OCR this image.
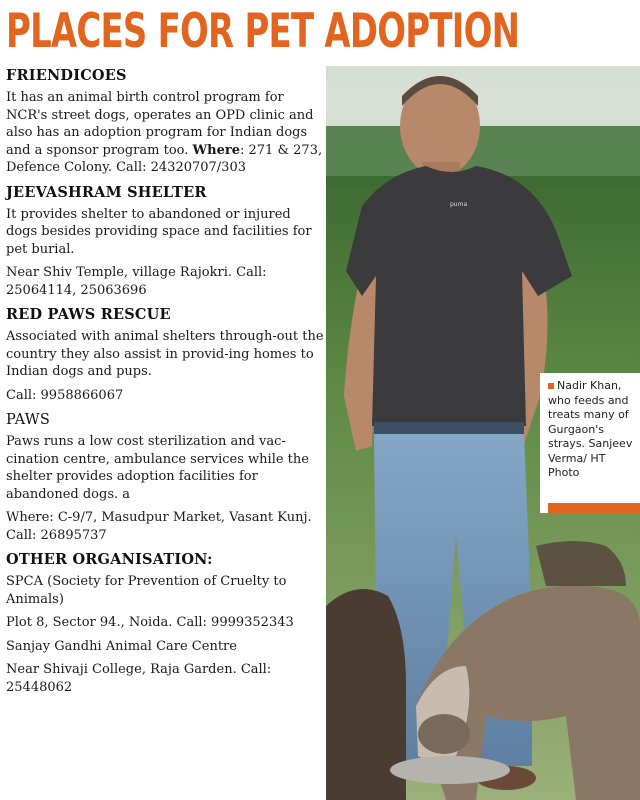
PLACES FOR PET ADOPTION
FRIENDICOES

It has an animal birth control program for NCR's street dogs, operates an OPD clinic and also has an adoption program for Indian dogs and a sponsor program too. Where: 271 & 273, Defence Colony. Call: 24320707/303

JEEVASHRAM SHELTER

It provides shelter to abandoned or injured dogs besides providing space and facilities for pet burial.

Near Shiv Temple, village Rajokri. Call: 25064114, 25063696

RED PAWS RESCUE

Associated with animal shelters through-out the country they also assist in provid-ing homes to Indian dogs and pups.

Call: 9958866067

PAWS

Paws runs a low cost sterilization and vac-cination centre, ambulance services while the shelter provides adoption facilities for abandoned dogs. a

Where: C-9/7, Masudpur Market, Vasant Kunj. Call: 26895737

OTHER ORGANISATION:

SPCA (Society for Prevention of Cruelty to Animals)

Plot 8, Sector 94., Noida. Call: 9999352343

Sanjay Gandhi Animal Care Centre

Near Shivaji College, Raja Garden. Call: 25448062

puma
Nadir Khan, who feeds and treats many of Gurgaon's strays. Sanjeev Verma/ HT Photo
